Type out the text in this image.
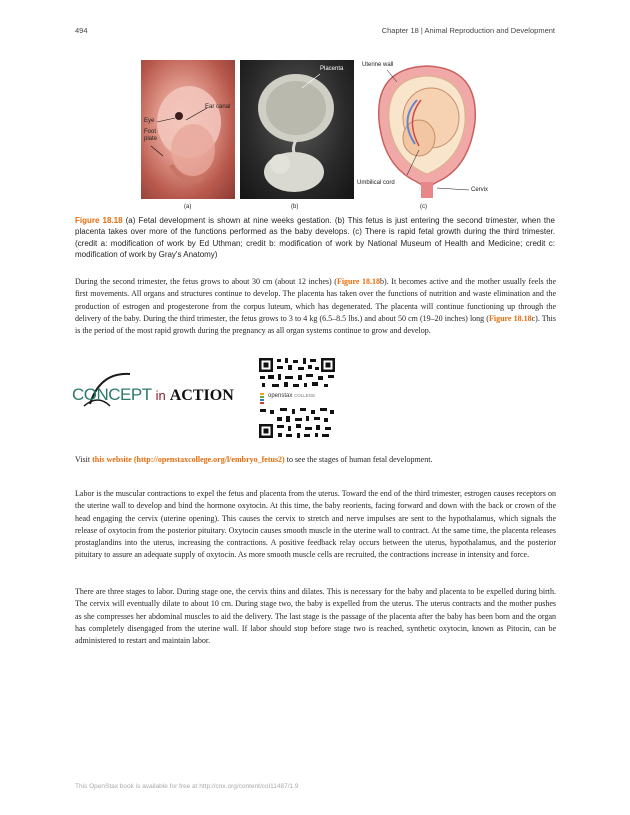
494	Chapter 18 | Animal Reproduction and Development
Ear canal
Eye
Foot
plate
Placenta
Uterine wall
Umbilical cord
Cervix
(a)	(b)	(c)
Figure 18.18 (a) Fetal development is shown at nine weeks gestation. (b) This fetus is just entering the second trimester, when the placenta takes over more of the functions performed as the baby develops. (c) There is rapid fetal growth during the third trimester. (credit a: modification of work by Ed Uthman; credit b: modification of work by National Museum of Health and Medicine; credit c: modification of work by Gray's Anatomy)

During the second trimester, the fetus grows to about 30 cm (about 12 inches) (Figure 18.18b). It becomes active and the mother usually feels the first movements. All organs and structures continue to develop. The placenta has taken over the functions of nutrition and waste elimination and the production of estrogen and progesterone from the corpus luteum, which has degenerated. The placenta will continue functioning up through the delivery of the baby. During the third trimester, the fetus grows to 3 to 4 kg (6.5–8.5 lbs.) and about 50 cm (19–20 inches) long (Figure 18.18c). This is the period of the most rapid growth during the pregnancy as all organ systems continue to grow and develop.

CONCEPT in ACTION	openstax COLLEGE
Visit this website (http://openstaxcollege.org/l/embryo_fetus2) to see the stages of human fetal development.

Labor is the muscular contractions to expel the fetus and placenta from the uterus. Toward the end of the third trimester, estrogen causes receptors on the uterine wall to develop and bind the hormone oxytocin. At this time, the baby reorients, facing forward and down with the back or crown of the head engaging the cervix (uterine opening). This causes the cervix to stretch and nerve impulses are sent to the hypothalamus, which signals the release of oxytocin from the posterior pituitary. Oxytocin causes smooth muscle in the uterine wall to contract. At the same time, the placenta releases prostaglandins into the uterus, increasing the contractions. A positive feedback relay occurs between the uterus, hypothalamus, and the posterior pituitary to assure an adequate supply of oxytocin. As more smooth muscle cells are recruited, the contractions increase in intensity and force.

There are three stages to labor. During stage one, the cervix thins and dilates. This is necessary for the baby and placenta to be expelled during birth. The cervix will eventually dilate to about 10 cm. During stage two, the baby is expelled from the uterus. The uterus contracts and the mother pushes as she compresses her abdominal muscles to aid the delivery. The last stage is the passage of the placenta after the baby has been born and the organ has completely disengaged from the uterine wall. If labor should stop before stage two is reached, synthetic oxytocin, known as Pitocin, can be administered to restart and maintain labor.

This OpenStax book is available for free at http://cnx.org/content/col11487/1.9
